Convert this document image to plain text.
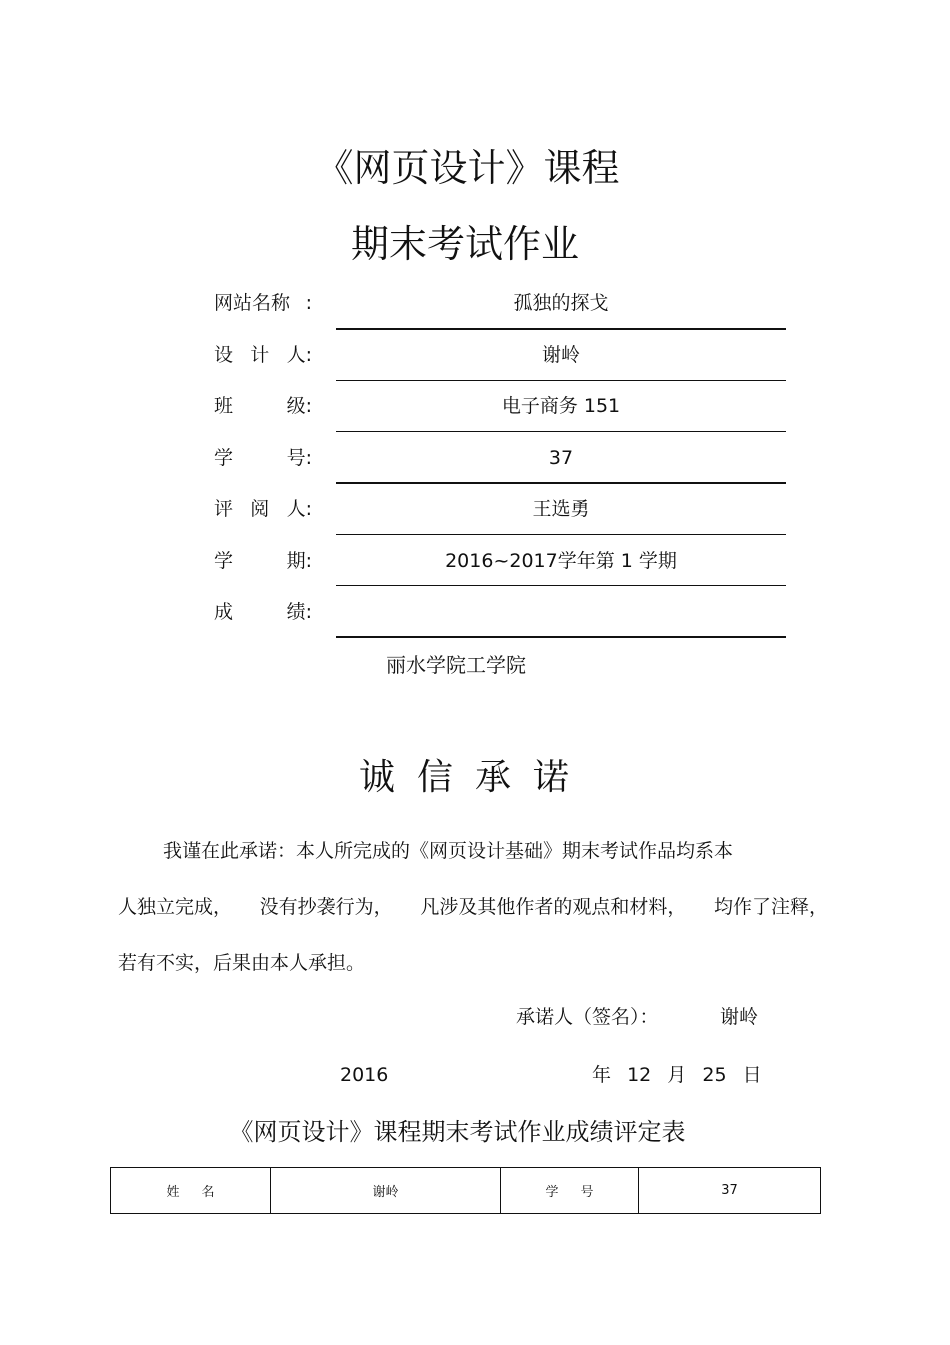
《网页设计》课程
期末考试作业
网站名称 :	孤独的探戈
设 计 人:	谢岭
班	级:	电子商务 151
学	号:	37
评 阅 人:	王选勇
学	期:	2016~2017学年第 1 学期
成	绩:
丽水学院工学院
诚信承诺
我谨在此承诺：本人所完成的《网页设计基础》期末考试作品均系本
人独立完成， 没有抄袭行为， 凡涉及其他作者的观点和材料， 均作了注释，
若有不实，后果由本人承担。
承诺人（签名）：	谢岭
2016	年 12 月 25 日
《网页设计》课程期末考试作业成绩评定表
姓名	谢岭	学号	37
